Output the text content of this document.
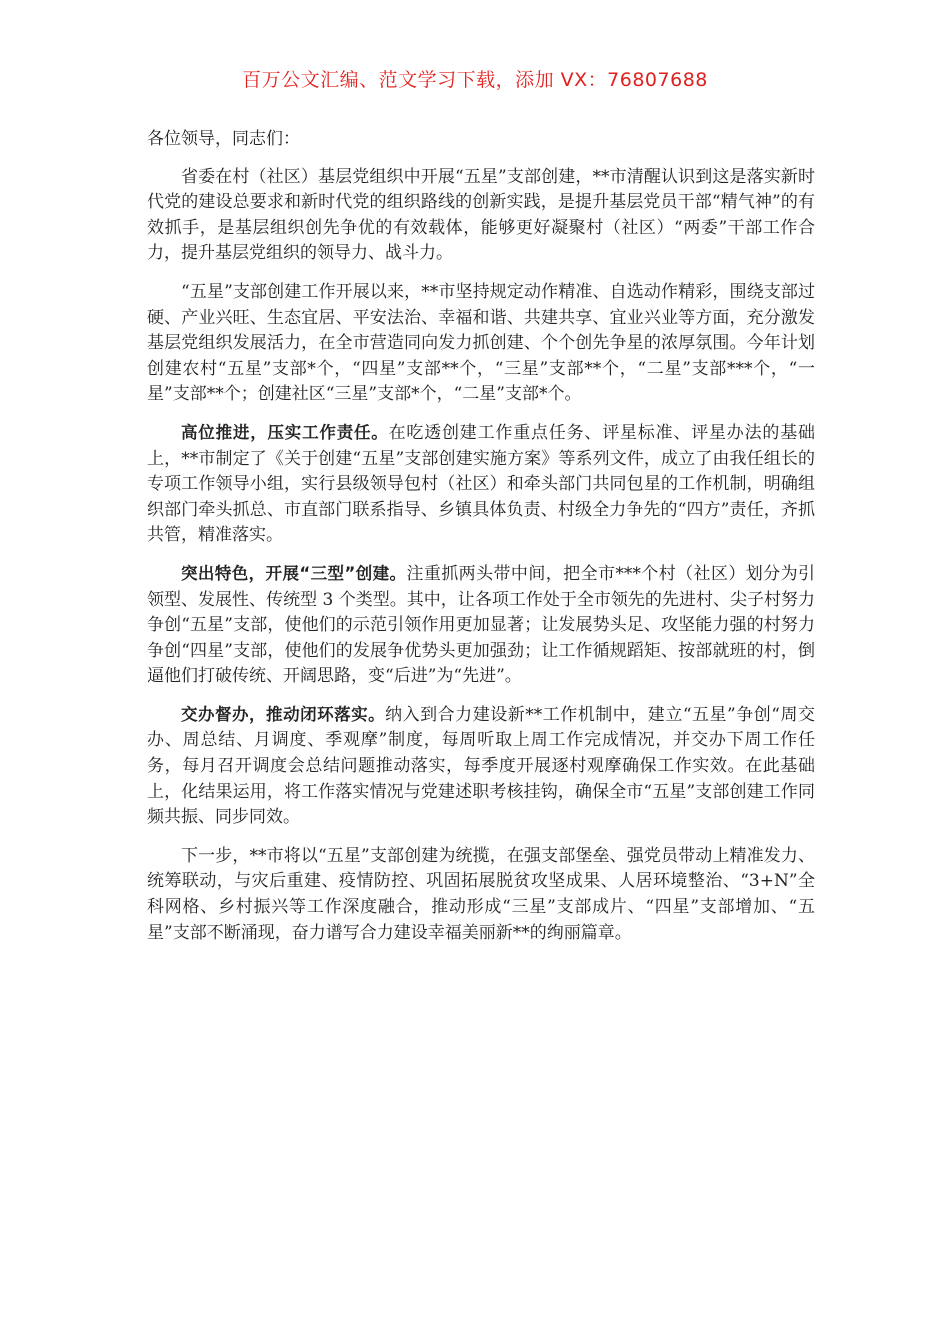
百万公文汇编、范文学习下载，添加 VX：76807688
各位领导，同志们：

省委在村（社区）基层党组织中开展“五星”支部创建，**市清醒认识到这是落实新时代党的建设总要求和新时代党的组织路线的创新实践，是提升基层党员干部“精气神”的有效抓手，是基层组织创先争优的有效载体，能够更好凝聚村（社区）“两委”干部工作合力，提升基层党组织的领导力、战斗力。

“五星”支部创建工作开展以来，**市坚持规定动作精准、自选动作精彩，围绕支部过硬、产业兴旺、生态宜居、平安法治、幸福和谐、共建共享、宜业兴业等方面，充分激发基层党组织发展活力，在全市营造同向发力抓创建、个个创先争星的浓厚氛围。今年计划创建农村“五星”支部*个，“四星”支部**个，“三星”支部**个，“二星”支部***个，“一星”支部**个；创建社区“三星”支部*个，“二星”支部*个。

高位推进，压实工作责任。在吃透创建工作重点任务、评星标准、评星办法的基础上，**市制定了《关于创建“五星”支部创建实施方案》等系列文件，成立了由我任组长的专项工作领导小组，实行县级领导包村（社区）和牵头部门共同包星的工作机制，明确组织部门牵头抓总、市直部门联系指导、乡镇具体负责、村级全力争先的“四方”责任，齐抓共管，精准落实。

突出特色，开展“三型”创建。注重抓两头带中间，把全市***个村（社区）划分为引领型、发展性、传统型 3 个类型。其中，让各项工作处于全市领先的先进村、尖子村努力争创“五星”支部，使他们的示范引领作用更加显著；让发展势头足、攻坚能力强的村努力争创“四星”支部，使他们的发展争优势头更加强劲；让工作循规蹈矩、按部就班的村，倒逼他们打破传统、开阔思路，变“后进”为“先进”。

交办督办，推动闭环落实。纳入到合力建设新**工作机制中，建立“五星”争创“周交办、周总结、月调度、季观摩”制度，每周听取上周工作完成情况，并交办下周工作任务，每月召开调度会总结问题推动落实，每季度开展逐村观摩确保工作实效。在此基础上，化结果运用，将工作落实情况与党建述职考核挂钩，确保全市“五星”支部创建工作同频共振、同步同效。

下一步，**市将以“五星”支部创建为统揽，在强支部堡垒、强党员带动上精准发力、统筹联动，与灾后重建、疫情防控、巩固拓展脱贫攻坚成果、人居环境整治、“3+N”全科网格、乡村振兴等工作深度融合，推动形成“三星”支部成片、“四星”支部增加、“五星”支部不断涌现，奋力谱写合力建设幸福美丽新**的绚丽篇章。
